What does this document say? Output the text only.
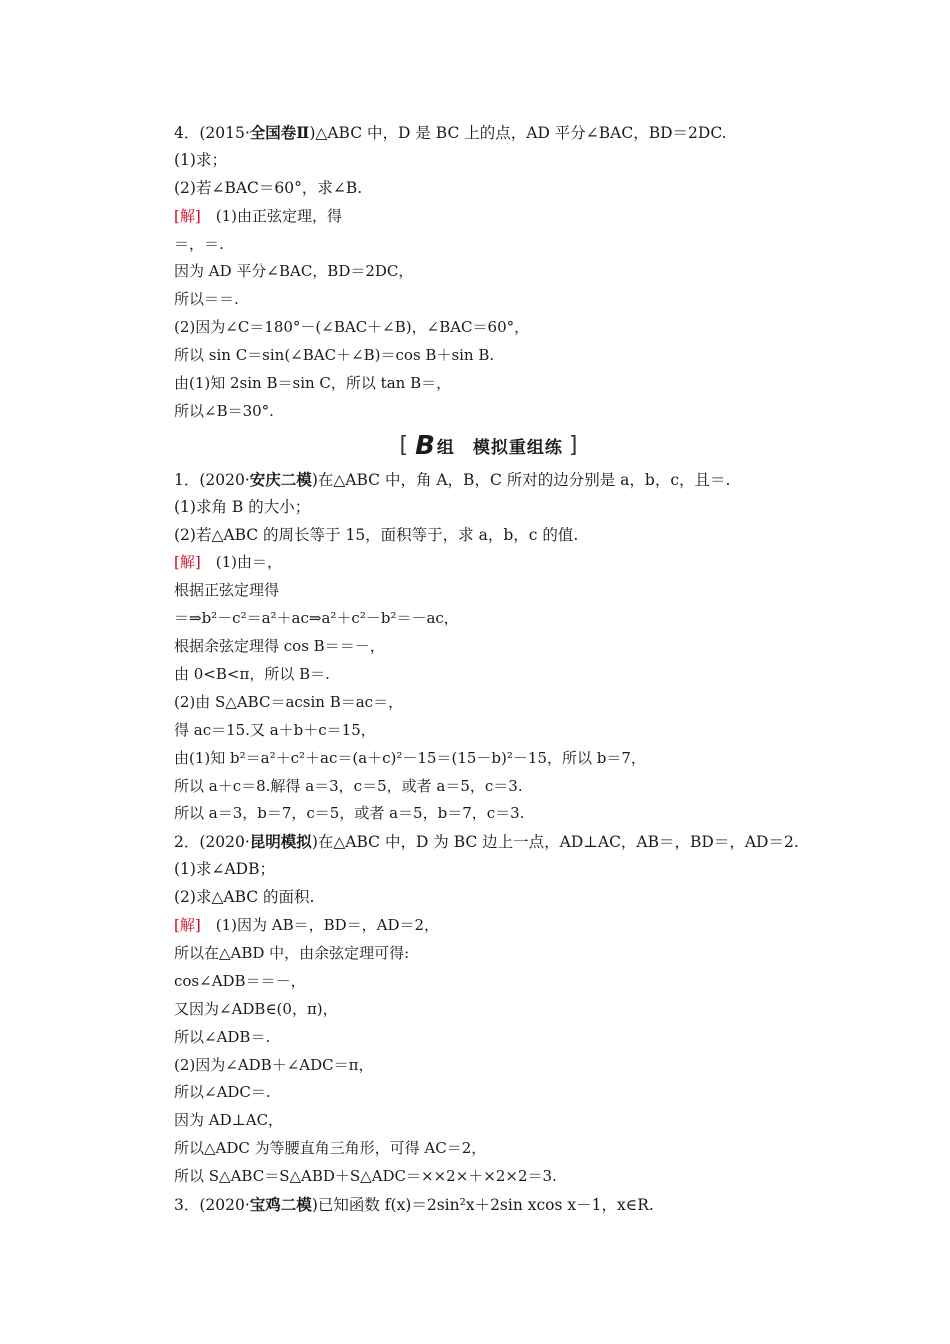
4．(2015·全国卷Ⅱ)△ABC 中，D 是 BC 上的点，AD 平分∠BAC，BD＝2DC.
(1)求；
(2)若∠BAC＝60°，求∠B.
[解]　 (1)由正弦定理，得
＝，＝.
因为 AD 平分∠BAC，BD＝2DC，
所以＝＝.
(2)因为∠C＝180°－(∠BAC＋∠B)，∠BAC＝60°，
所以 sin C＝sin(∠BAC＋∠B)＝cos B＋sin B.
由(1)知 2sin B＝sin C，所以 tan B＝，
所以∠B＝30°.
[ B 组　模拟重组练 ]
1．(2020·安庆二模)在△ABC 中，角 A，B，C 所对的边分别是 a，b，c，且＝.
(1)求角 B 的大小；
(2)若△ABC 的周长等于 15，面积等于，求 a，b，c 的值.
[解]　 (1)由＝，
根据正弦定理得
＝⇒b²－c²＝a²＋ac⇒a²＋c²－b²＝－ac，
根据余弦定理得 cos B＝＝－，
由 0<B<π，所以 B＝.
(2)由 S△ABC＝acsin B＝ac＝，
得 ac＝15.又 a＋b＋c＝15，
由(1)知 b²＝a²＋c²＋ac＝(a＋c)²－15＝(15－b)²－15，所以 b＝7，
所以 a＋c＝8.解得 a＝3，c＝5，或者 a＝5，c＝3.
所以 a＝3，b＝7，c＝5，或者 a＝5，b＝7，c＝3.
2．(2020·昆明模拟)在△ABC 中，D 为 BC 边上一点，AD⊥AC，AB＝，BD＝，AD＝2.
(1)求∠ADB；
(2)求△ABC 的面积.
[解]　 (1)因为 AB＝，BD＝，AD＝2，
所以在△ABD 中，由余弦定理可得:
cos∠ADB＝＝－，
又因为∠ADB∈(0，π)，
所以∠ADB＝.
(2)因为∠ADB＋∠ADC＝π，
所以∠ADC＝.
因为 AD⊥AC，
所以△ADC 为等腰直角三角形，可得 AC＝2，
所以 S△ABC＝S△ABD＋S△ADC＝××2×＋×2×2＝3.
3．(2020·宝鸡二模)已知函数 f(x)＝2sin²x＋2sin xcos x－1，x∈R.
